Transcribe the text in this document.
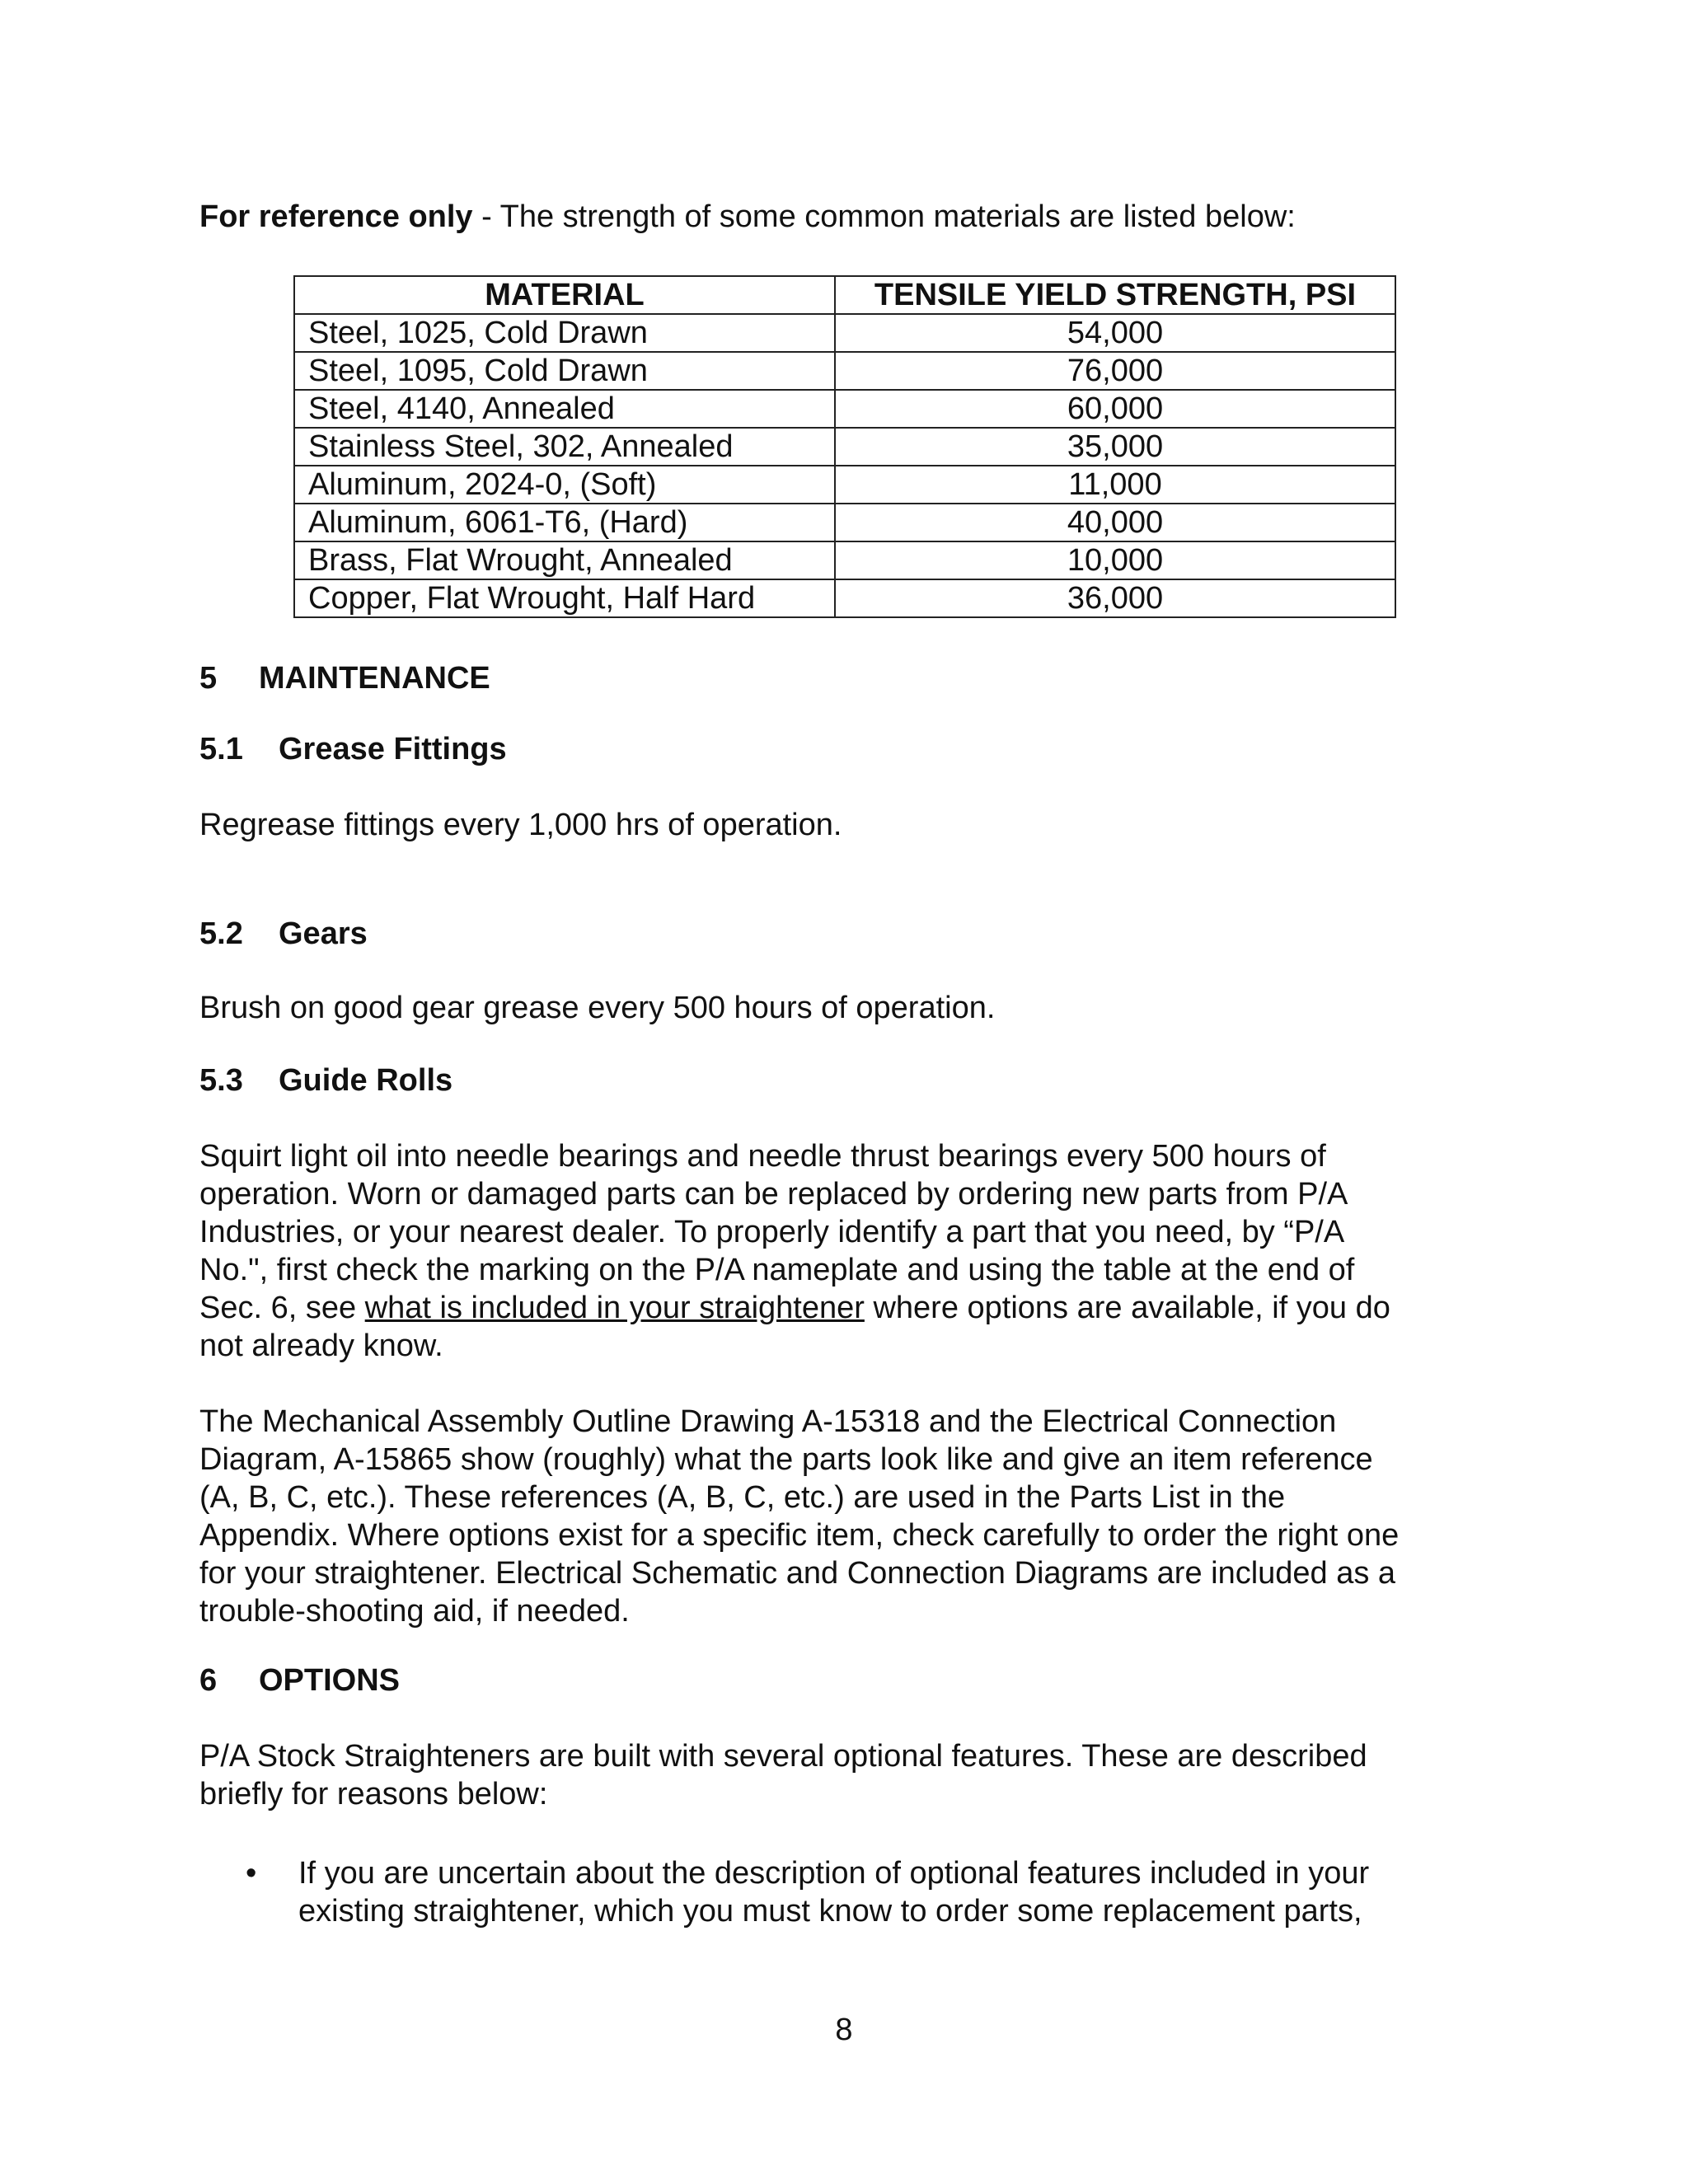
For reference only - The strength of some common materials are listed below:
MATERIAL	TENSILE YIELD STRENGTH, PSI
Steel, 1025, Cold Drawn	54,000
Steel, 1095, Cold Drawn	76,000
Steel, 4140, Annealed	60,000
Stainless Steel, 302, Annealed	35,000
Aluminum, 2024-0, (Soft)	11,000
Aluminum, 6061-T6, (Hard)	40,000
Brass, Flat Wrought, Annealed	10,000
Copper, Flat Wrought, Half Hard	36,000
5 MAINTENANCE
5.1 Grease Fittings
Regrease fittings every 1,000 hrs of operation.
5.2 Gears
Brush on good gear grease every 500 hours of operation.
5.3 Guide Rolls
Squirt light oil into needle bearings and needle thrust bearings every 500 hours of
operation. Worn or damaged parts can be replaced by ordering new parts from P/A
Industries, or your nearest dealer. To properly identify a part that you need, by “P/A
No.", first check the marking on the P/A nameplate and using the table at the end of
Sec. 6, see what is included in your straightener where options are available, if you do
not already know.
The Mechanical Assembly Outline Drawing A-15318 and the Electrical Connection
Diagram, A-15865 show (roughly) what the parts look like and give an item reference
(A, B, C, etc.). These references (A, B, C, etc.) are used in the Parts List in the
Appendix. Where options exist for a specific item, check carefully to order the right one
for your straightener. Electrical Schematic and Connection Diagrams are included as a
trouble-shooting aid, if needed.
6 OPTIONS
P/A Stock Straighteners are built with several optional features. These are described
briefly for reasons below:
• If you are uncertain about the description of optional features included in your existing straightener, which you must know to order some replacement parts,
8
